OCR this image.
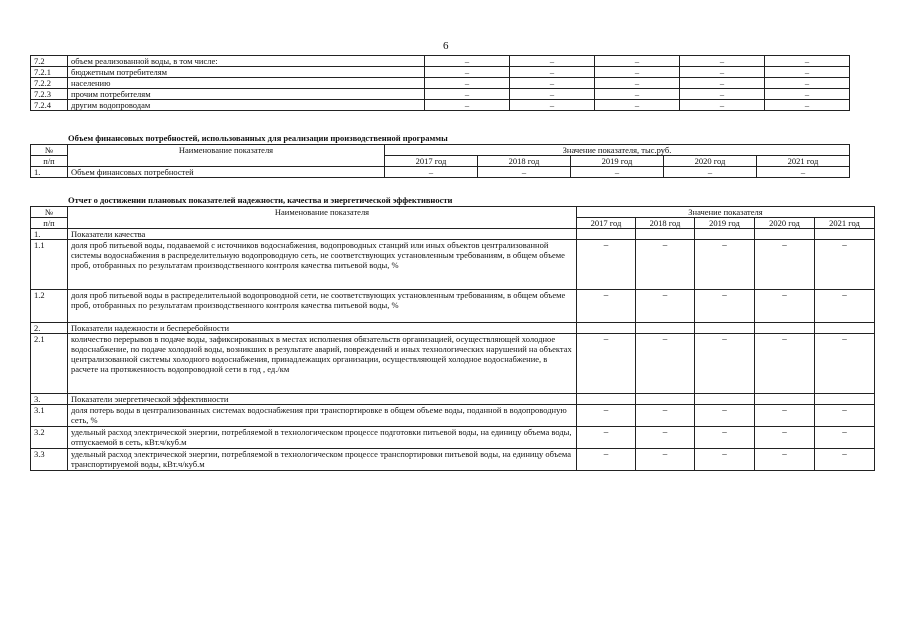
6
7.2	объем реализованной воды, в том числе:	–	–	–	–	–
7.2.1	бюджетным потребителям	–	–	–	–	–
7.2.2	населению	–	–	–	–	–
7.2.3	прочим потребителям	–	–	–	–	–
7.2.4	другим водопроводам	–	–	–	–	–
Объем финансовых потребностей, использованных для реализации производственной программы
№	Наименование показателя	Значение показателя, тыс.руб.				
п/п		2017 год	2018 год	2019 год	2020 год	2021 год
1.	Объем финансовых потребностей	–	–	–	–	–
Отчет о достижении плановых показателей надежности, качества и энергетической эффективности
№	Наименование показателя	Значение показателя				
п/п		2017 год	2018 год	2019 год	2020 год	2021 год
1.	Показатели качества					
1.1	доля проб питьевой воды, подаваемой с источников водоснабжения, водопроводных станций или иных объектов централизованной системы водоснабжения в распределительную водопроводную сеть, не соответствующих установленным требованиям, в общем объеме проб, отобранных по результатам производственного контроля качества питьевой воды, %	–	–	–	–	–
1.2	доля проб питьевой воды в распределительной водопроводной сети, не соответствующих установленным требованиям, в общем объеме проб, отобранных по результатам производственного контроля качества питьевой воды, %	–	–	–	–	–
2.	Показатели надежности и бесперебойности					
2.1	количество перерывов в подаче воды, зафиксированных в местах исполнения обязательств организацией, осуществляющей холодное водоснабжение, по подаче холодной воды, возникших в результате аварий, повреждений и иных технологических нарушений на объектах централизованной системы холодного водоснабжения, принадлежащих организации, осуществляющей холодное водоснабжение, в расчете на протяженность водопроводной сети в год , ед./км	–	–	–	–	–
3.	Показатели энергетической эффективности					
3.1	доля потерь воды в централизованных системах водоснабжения при транспортировке в общем объеме воды, поданной в водопроводную сеть, %	–	–	–	–	–
3.2	удельный расход электрической энергии, потребляемой в технологическом процессе подготовки питьевой воды, на единицу объема воды, отпускаемой в сеть, кВт.ч/куб.м	–	–	–	–	–
3.3	удельный расход электрической энергии, потребляемой в технологическом процессе транспортировки питьевой воды, на единицу объема транспортируемой воды, кВт.ч/куб.м	–	–	–	–	–
